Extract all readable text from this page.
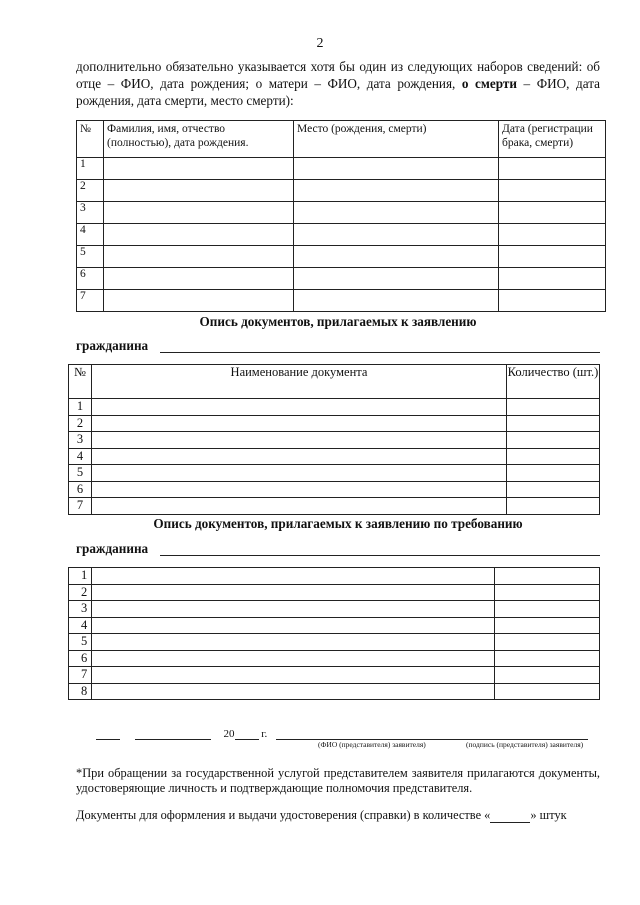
2
дополнительно обязательно указывается хотя бы один из следующих наборов сведений: об отце – ФИО, дата рождения; о матери – ФИО, дата рождения, о смерти – ФИО, дата рождения, дата смерти, место смерти):
№	Фамилия, имя, отчество (полностью), дата рождения.	Место (рождения, смерти)	Дата (регистрации брака, смерти)
1			
2			
3			
4			
5			
6			
7			
Опись документов, прилагаемых к заявлению
гражданина
№	Наименование документа	Количество (шт.)
1		
2		
3		
4		
5		
6		
7		
Опись документов, прилагаемых к заявлению по требованию
гражданина
1		
2		
3		
4		
5		
6		
7		
8		
20 г.
(ФИО (представителя) заявителя)	(подпись (представителя) заявителя)
*При обращении за государственной услугой представителем заявителя прилагаются документы, удостоверяющие личность и подтверждающие полномочия представителя.
Документы для оформления и выдачи удостоверения (справки) в количестве «	» штук
